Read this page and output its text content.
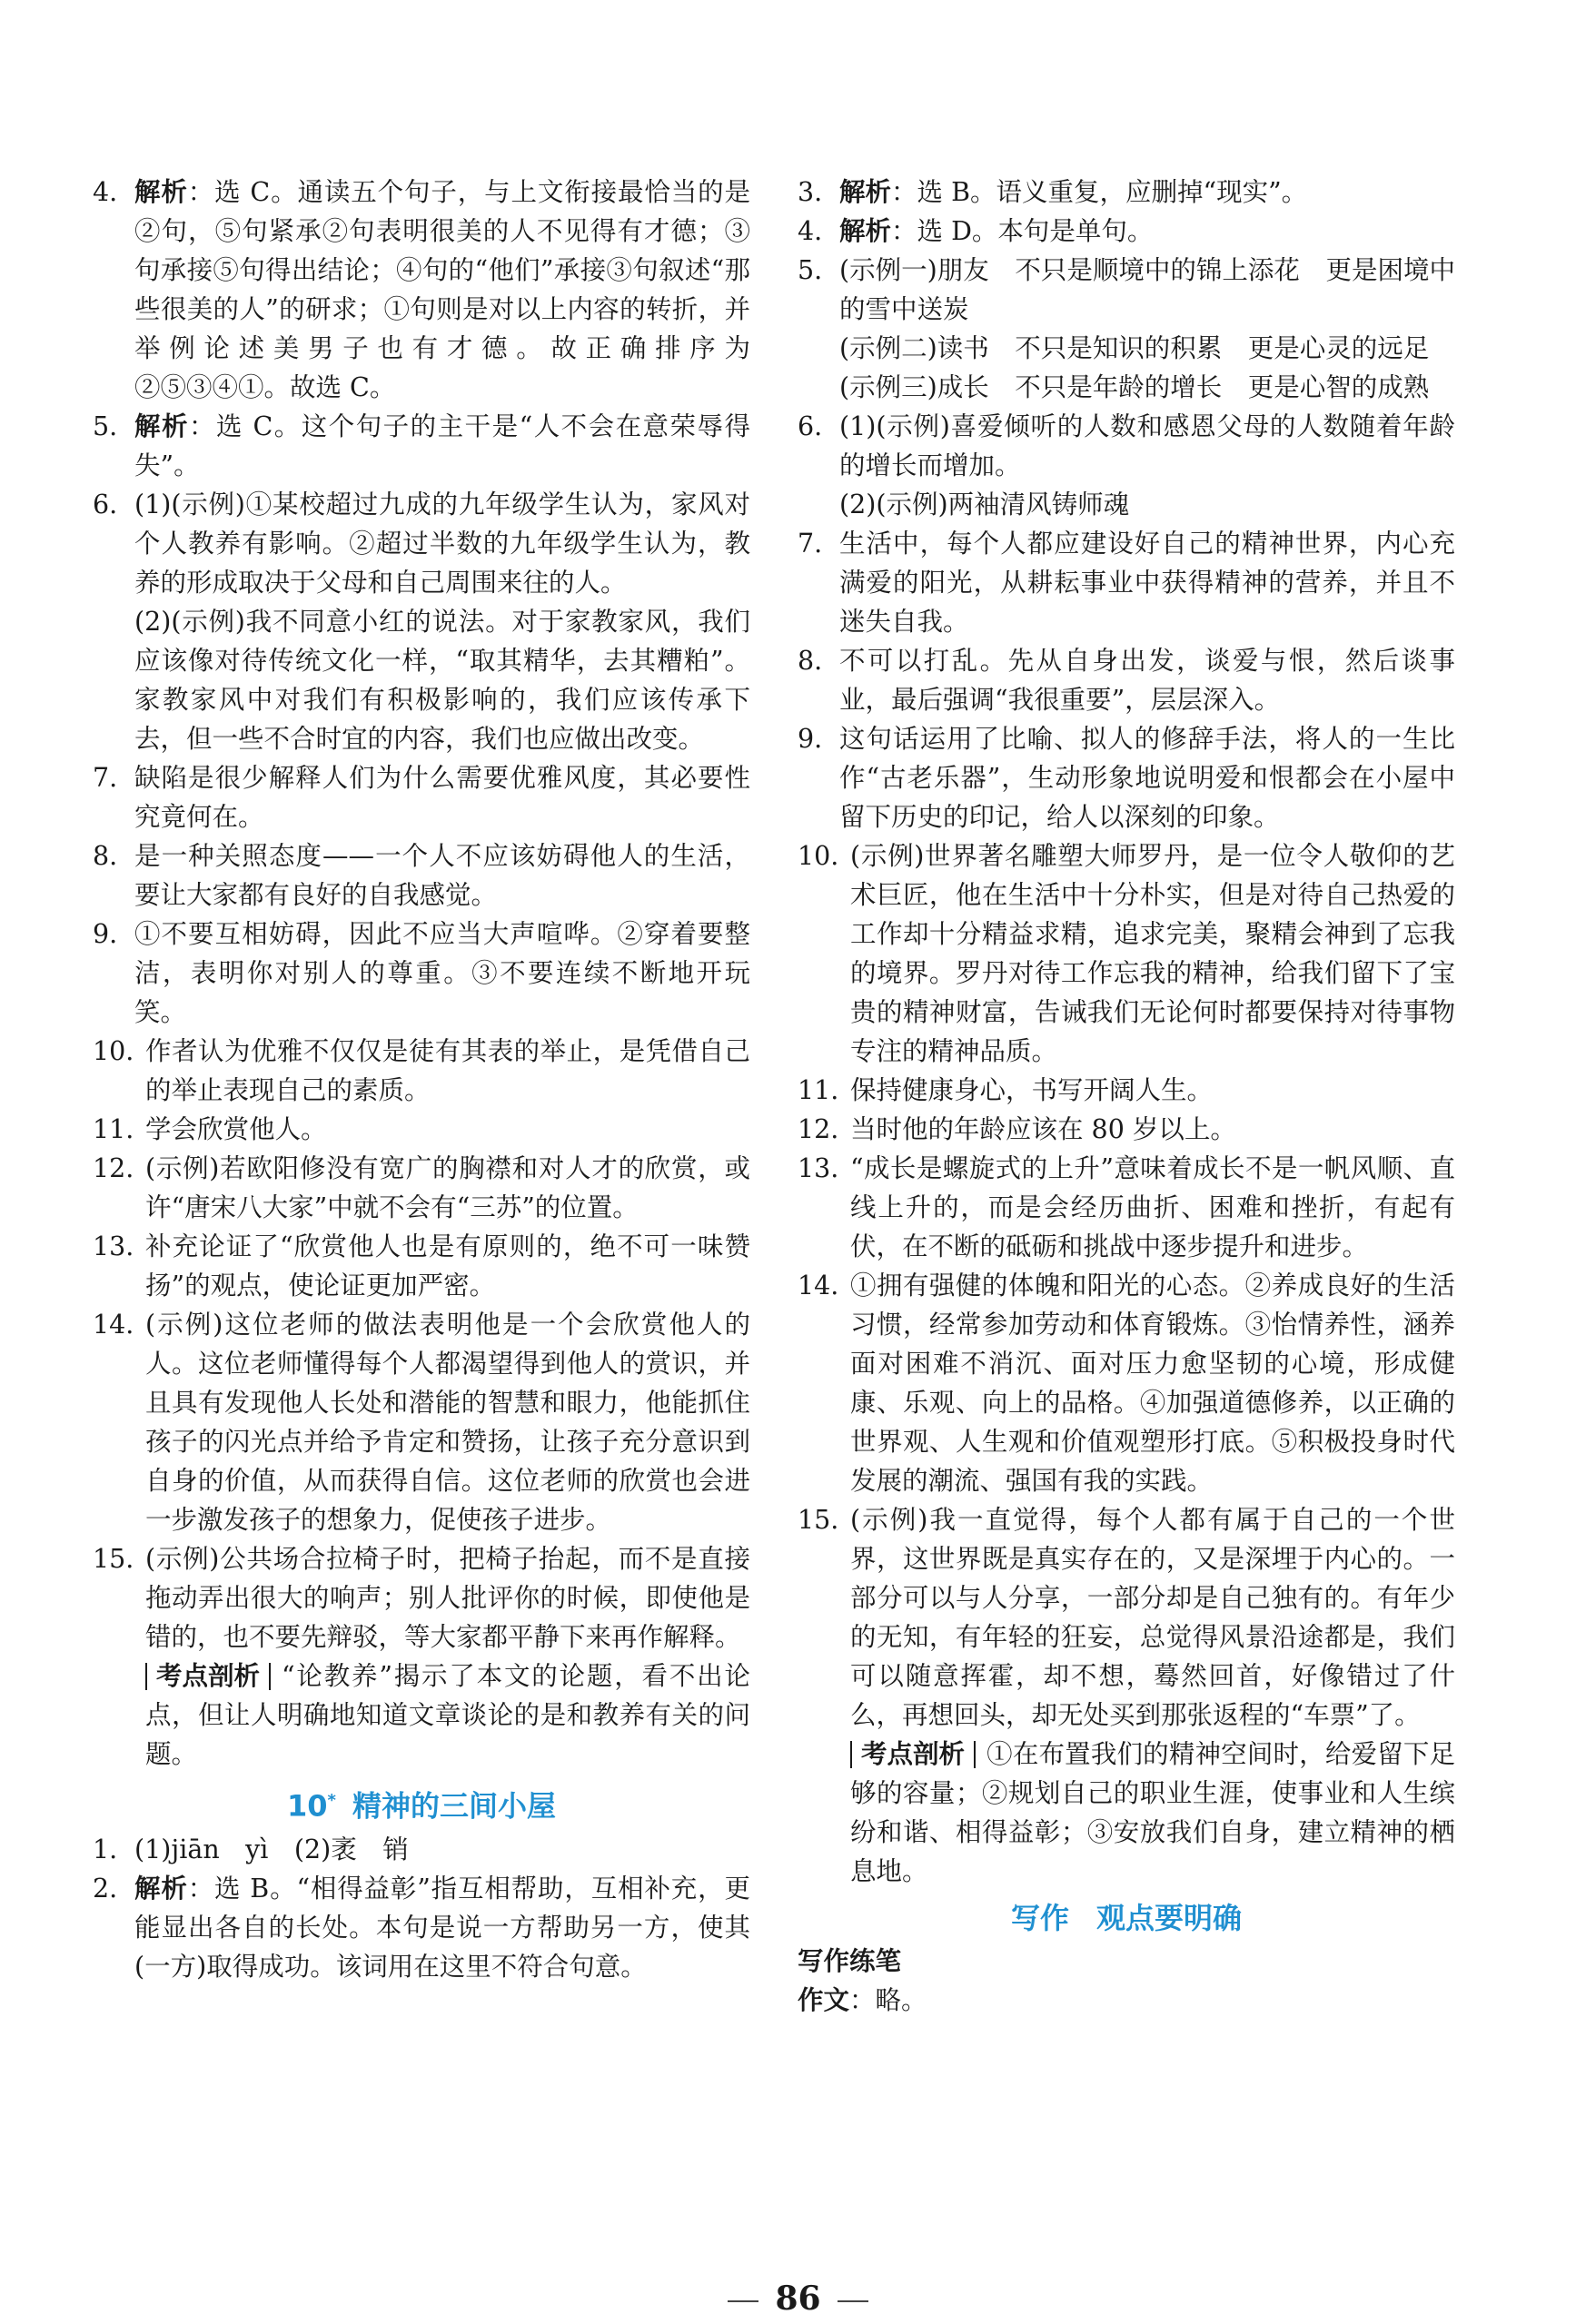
4. 解析：选 C。通读五个句子，与上文衔接最恰当的是②句，⑤句紧承②句表明很美的人不见得有才德；③句承接⑤句得出结论；④句的“他们”承接③句叙述“那些很美的人”的研求；①句则是对以上内容的转折，并举例论述美男子也有才德。故正确排序为②⑤③④①。故选 C。

5. 解析：选 C。这个句子的主干是“人不会在意荣辱得失”。

6. (1)(示例)①某校超过九成的九年级学生认为，家风对个人教养有影响。②超过半数的九年级学生认为，教养的形成取决于父母和自己周围来往的人。

(2)(示例)我不同意小红的说法。对于家教家风，我们应该像对待传统文化一样，“取其精华，去其糟粕”。家教家风中对我们有积极影响的，我们应该传承下去，但一些不合时宜的内容，我们也应做出改变。

7. 缺陷是很少解释人们为什么需要优雅风度，其必要性究竟何在。

8. 是一种关照态度——一个人不应该妨碍他人的生活，要让大家都有良好的自我感觉。

9. ①不要互相妨碍，因此不应当大声喧哗。②穿着要整洁，表明你对别人的尊重。③不要连续不断地开玩笑。

10. 作者认为优雅不仅仅是徒有其表的举止，是凭借自己的举止表现自己的素质。

11. 学会欣赏他人。

12. (示例)若欧阳修没有宽广的胸襟和对人才的欣赏，或许“唐宋八大家”中就不会有“三苏”的位置。

13. 补充论证了“欣赏他人也是有原则的，绝不可一味赞扬”的观点，使论证更加严密。

14. (示例)这位老师的做法表明他是一个会欣赏他人的人。这位老师懂得每个人都渴望得到他人的赏识，并且具有发现他人长处和潜能的智慧和眼力，他能抓住孩子的闪光点并给予肯定和赞扬，让孩子充分意识到自身的价值，从而获得自信。这位老师的欣赏也会进一步激发孩子的想象力，促使孩子进步。

15. (示例)公共场合拉椅子时，把椅子抬起，而不是直接拖动弄出很大的响声；别人批评你的时候，即使他是错的，也不要先辩驳，等大家都平静下来再作解释。

考点剖析 “论教养”揭示了本文的论题，看不出论点，但让人明确地知道文章谈论的是和教养有关的问题。

10* 精神的三间小屋

1. (1)jiān　yì　(2)袤　销

2. 解析：选 B。“相得益彰”指互相帮助，互相补充，更能显出各自的长处。本句是说一方帮助另一方，使其(一方)取得成功。该词用在这里不符合句意。

3. 解析：选 B。语义重复，应删掉“现实”。

4. 解析：选 D。本句是单句。

5. (示例一)朋友　不只是顺境中的锦上添花　更是困境中的雪中送炭

(示例二)读书　不只是知识的积累　更是心灵的远足

(示例三)成长　不只是年龄的增长　更是心智的成熟

6. (1)(示例)喜爱倾听的人数和感恩父母的人数随着年龄的增长而增加。

(2)(示例)两袖清风铸师魂

7. 生活中，每个人都应建设好自己的精神世界，内心充满爱的阳光，从耕耘事业中获得精神的营养，并且不迷失自我。

8. 不可以打乱。先从自身出发，谈爱与恨，然后谈事业，最后强调“我很重要”，层层深入。

9. 这句话运用了比喻、拟人的修辞手法，将人的一生比作“古老乐器”，生动形象地说明爱和恨都会在小屋中留下历史的印记，给人以深刻的印象。

10. (示例)世界著名雕塑大师罗丹，是一位令人敬仰的艺术巨匠，他在生活中十分朴实，但是对待自己热爱的工作却十分精益求精，追求完美，聚精会神到了忘我的境界。罗丹对待工作忘我的精神，给我们留下了宝贵的精神财富，告诫我们无论何时都要保持对待事物专注的精神品质。

11. 保持健康身心，书写开阔人生。

12. 当时他的年龄应该在 80 岁以上。

13. “成长是螺旋式的上升”意味着成长不是一帆风顺、直线上升的，而是会经历曲折、困难和挫折，有起有伏，在不断的砥砺和挑战中逐步提升和进步。

14. ①拥有强健的体魄和阳光的心态。②养成良好的生活习惯，经常参加劳动和体育锻炼。③怡情养性，涵养面对困难不消沉、面对压力愈坚韧的心境，形成健康、乐观、向上的品格。④加强道德修养，以正确的世界观、人生观和价值观塑形打底。⑤积极投身时代发展的潮流、强国有我的实践。

15. (示例)我一直觉得，每个人都有属于自己的一个世界，这世界既是真实存在的，又是深埋于内心的。一部分可以与人分享，一部分却是自己独有的。有年少的无知，有年轻的狂妄，总觉得风景沿途都是，我们可以随意挥霍，却不想，蓦然回首，好像错过了什么，再想回头，却无处买到那张返程的“车票”了。

考点剖析 ①在布置我们的精神空间时，给爱留下足够的容量；②规划自己的职业生涯，使事业和人生缤纷和谐、相得益彰；③安放我们自身，建立精神的栖息地。

写作 观点要明确

写作练笔

作文：略。

86
